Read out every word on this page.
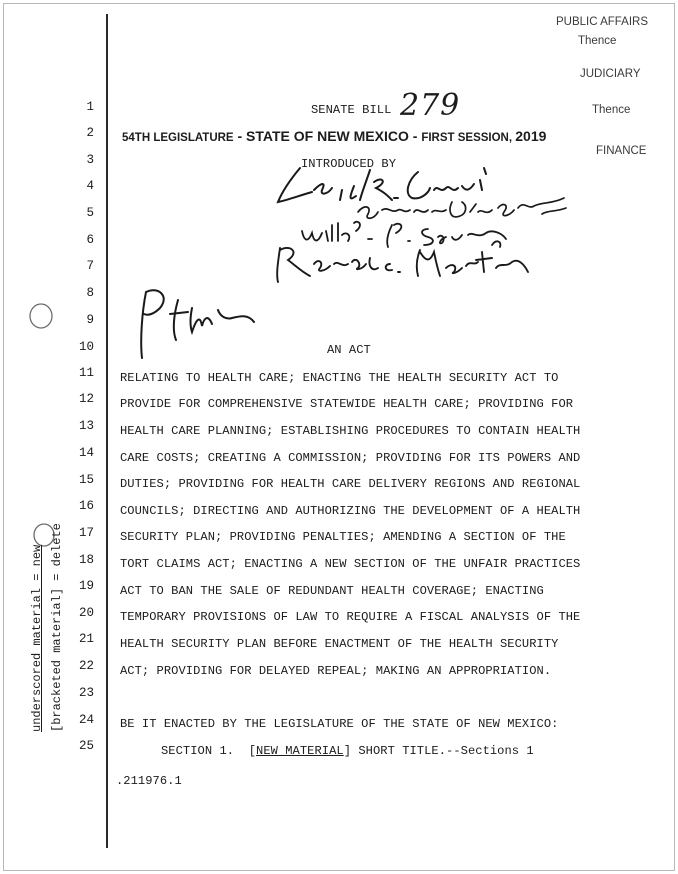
PUBLIC AFFAIRS
Thence
JUDICIARY
Thence
FINANCE
SENATE BILL 279
54TH LEGISLATURE - STATE OF NEW MEXICO - FIRST SESSION, 2019
INTRODUCED BY
1
2
3
4
5
6
7
8
9
10
11
12
13
14
15
16
17
18
19
20
21
22
23
24
25
AN ACT
RELATING TO HEALTH CARE; ENACTING THE HEALTH SECURITY ACT TO
PROVIDE FOR COMPREHENSIVE STATEWIDE HEALTH CARE; PROVIDING FOR
HEALTH CARE PLANNING; ESTABLISHING PROCEDURES TO CONTAIN HEALTH
CARE COSTS; CREATING A COMMISSION; PROVIDING FOR ITS POWERS AND
DUTIES; PROVIDING FOR HEALTH CARE DELIVERY REGIONS AND REGIONAL
COUNCILS; DIRECTING AND AUTHORIZING THE DEVELOPMENT OF A HEALTH
SECURITY PLAN; PROVIDING PENALTIES; AMENDING A SECTION OF THE
TORT CLAIMS ACT; ENACTING A NEW SECTION OF THE UNFAIR PRACTICES
ACT TO BAN THE SALE OF REDUNDANT HEALTH COVERAGE; ENACTING
TEMPORARY PROVISIONS OF LAW TO REQUIRE A FISCAL ANALYSIS OF THE
HEALTH SECURITY PLAN BEFORE ENACTMENT OF THE HEALTH SECURITY
ACT; PROVIDING FOR DELAYED REPEAL; MAKING AN APPROPRIATION.
BE IT ENACTED BY THE LEGISLATURE OF THE STATE OF NEW MEXICO:
SECTION 1.  [NEW MATERIAL] SHORT TITLE.--Sections 1
.211976.1
underscored material = new [bracketed material] = delete
